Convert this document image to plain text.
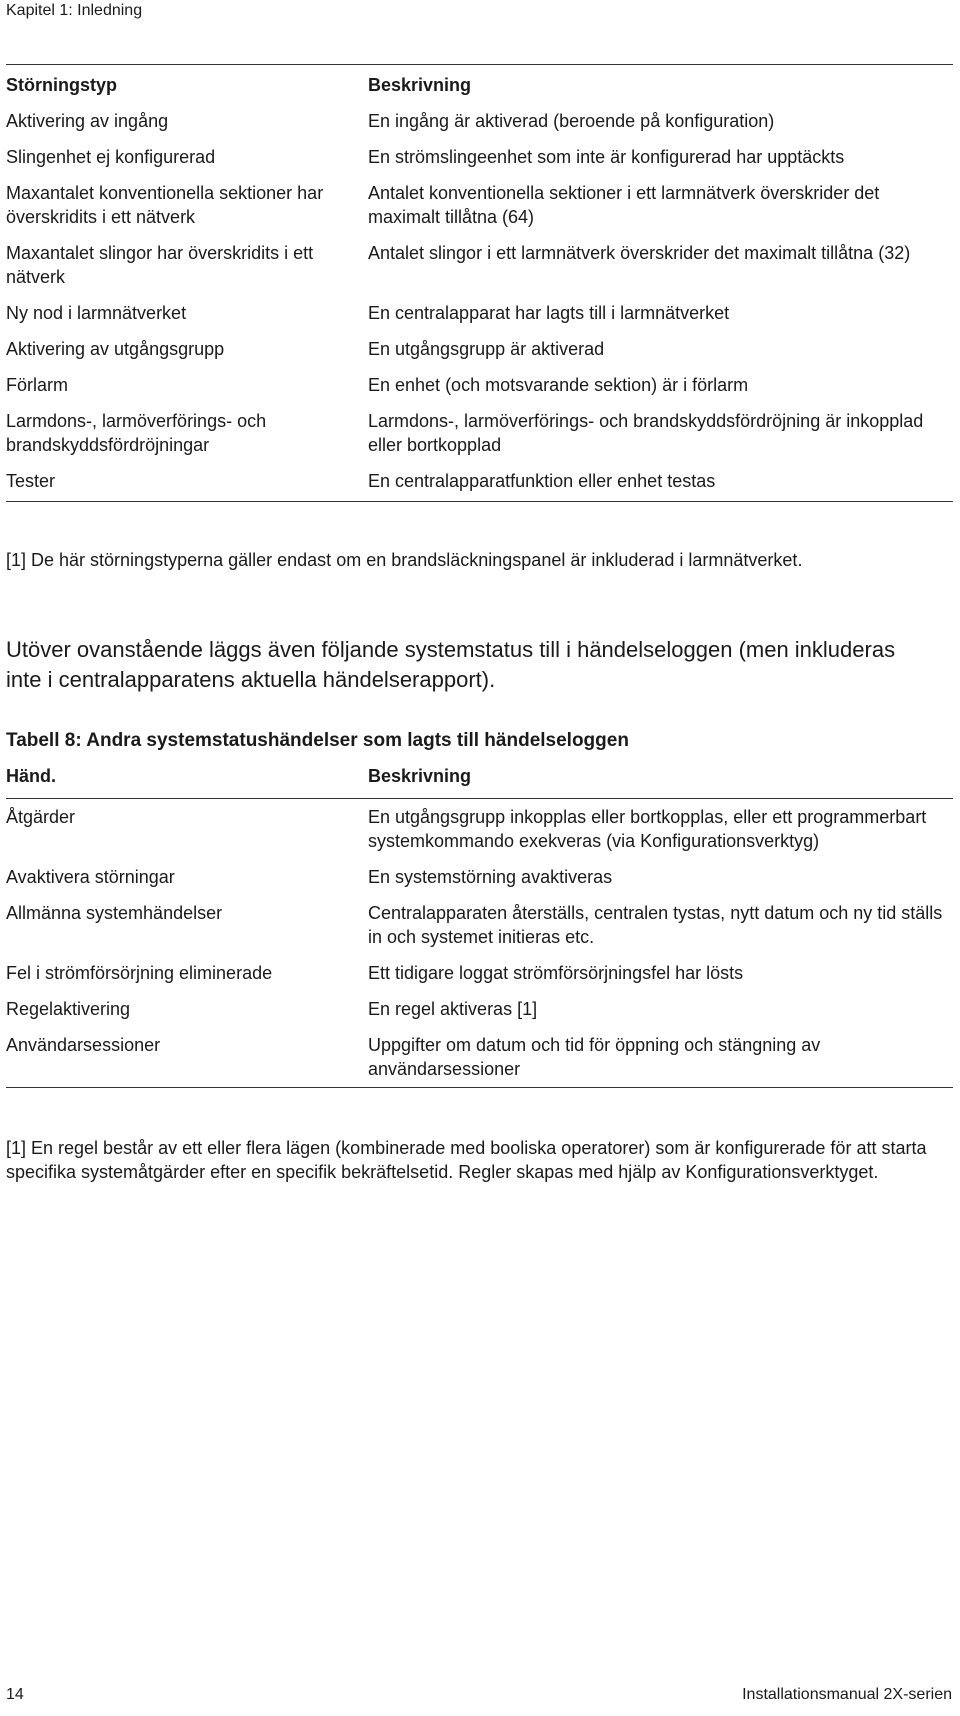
Kapitel 1: Inledning
Störningstyp	Beskrivning
Aktivering av ingång	En ingång är aktiverad (beroende på konfiguration)
Slingenhet ej konfigurerad	En strömslingeenhet som inte är konfigurerad har upptäckts
Maxantalet konventionella sektioner har överskridits i ett nätverk	Antalet konventionella sektioner i ett larmnätverk överskrider det maximalt tillåtna (64)
Maxantalet slingor har överskridits i ett nätverk	Antalet slingor i ett larmnätverk överskrider det maximalt tillåtna (32)
Ny nod i larmnätverket	En centralapparat har lagts till i larmnätverket
Aktivering av utgångsgrupp	En utgångsgrupp är aktiverad
Förlarm	En enhet (och motsvarande sektion) är i förlarm
Larmdons-, larmöverförings- och brandskyddsfördröjningar	Larmdons-, larmöverförings- och brandskyddsfördröjning är inkopplad eller bortkopplad
Tester	En centralapparatfunktion eller enhet testas
[1] De här störningstyperna gäller endast om en brandsläckningspanel är inkluderad i larmnätverket.
Utöver ovanstående läggs även följande systemstatus till i händelseloggen (men inkluderas inte i centralapparatens aktuella händelserapport).
Tabell 8: Andra systemstatushändelser som lagts till händelseloggen
Händ.	Beskrivning
Åtgärder	En utgångsgrupp inkopplas eller bortkopplas, eller ett programmerbart systemkommando exekveras (via Konfigurationsverktyg)
Avaktivera störningar	En systemstörning avaktiveras
Allmänna systemhändelser	Centralapparaten återställs, centralen tystas, nytt datum och ny tid ställs in och systemet initieras etc.
Fel i strömförsörjning eliminerade	Ett tidigare loggat strömförsörjningsfel har lösts
Regelaktivering	En regel aktiveras [1]
Användarsessioner	Uppgifter om datum och tid för öppning och stängning av användarsessioner
[1] En regel består av ett eller flera lägen (kombinerade med booliska operatorer) som är konfigurerade för att starta specifika systemåtgärder efter en specifik bekräftelsetid. Regler skapas med hjälp av Konfigurationsverktyget.
14	Installationsmanual 2X-serien
